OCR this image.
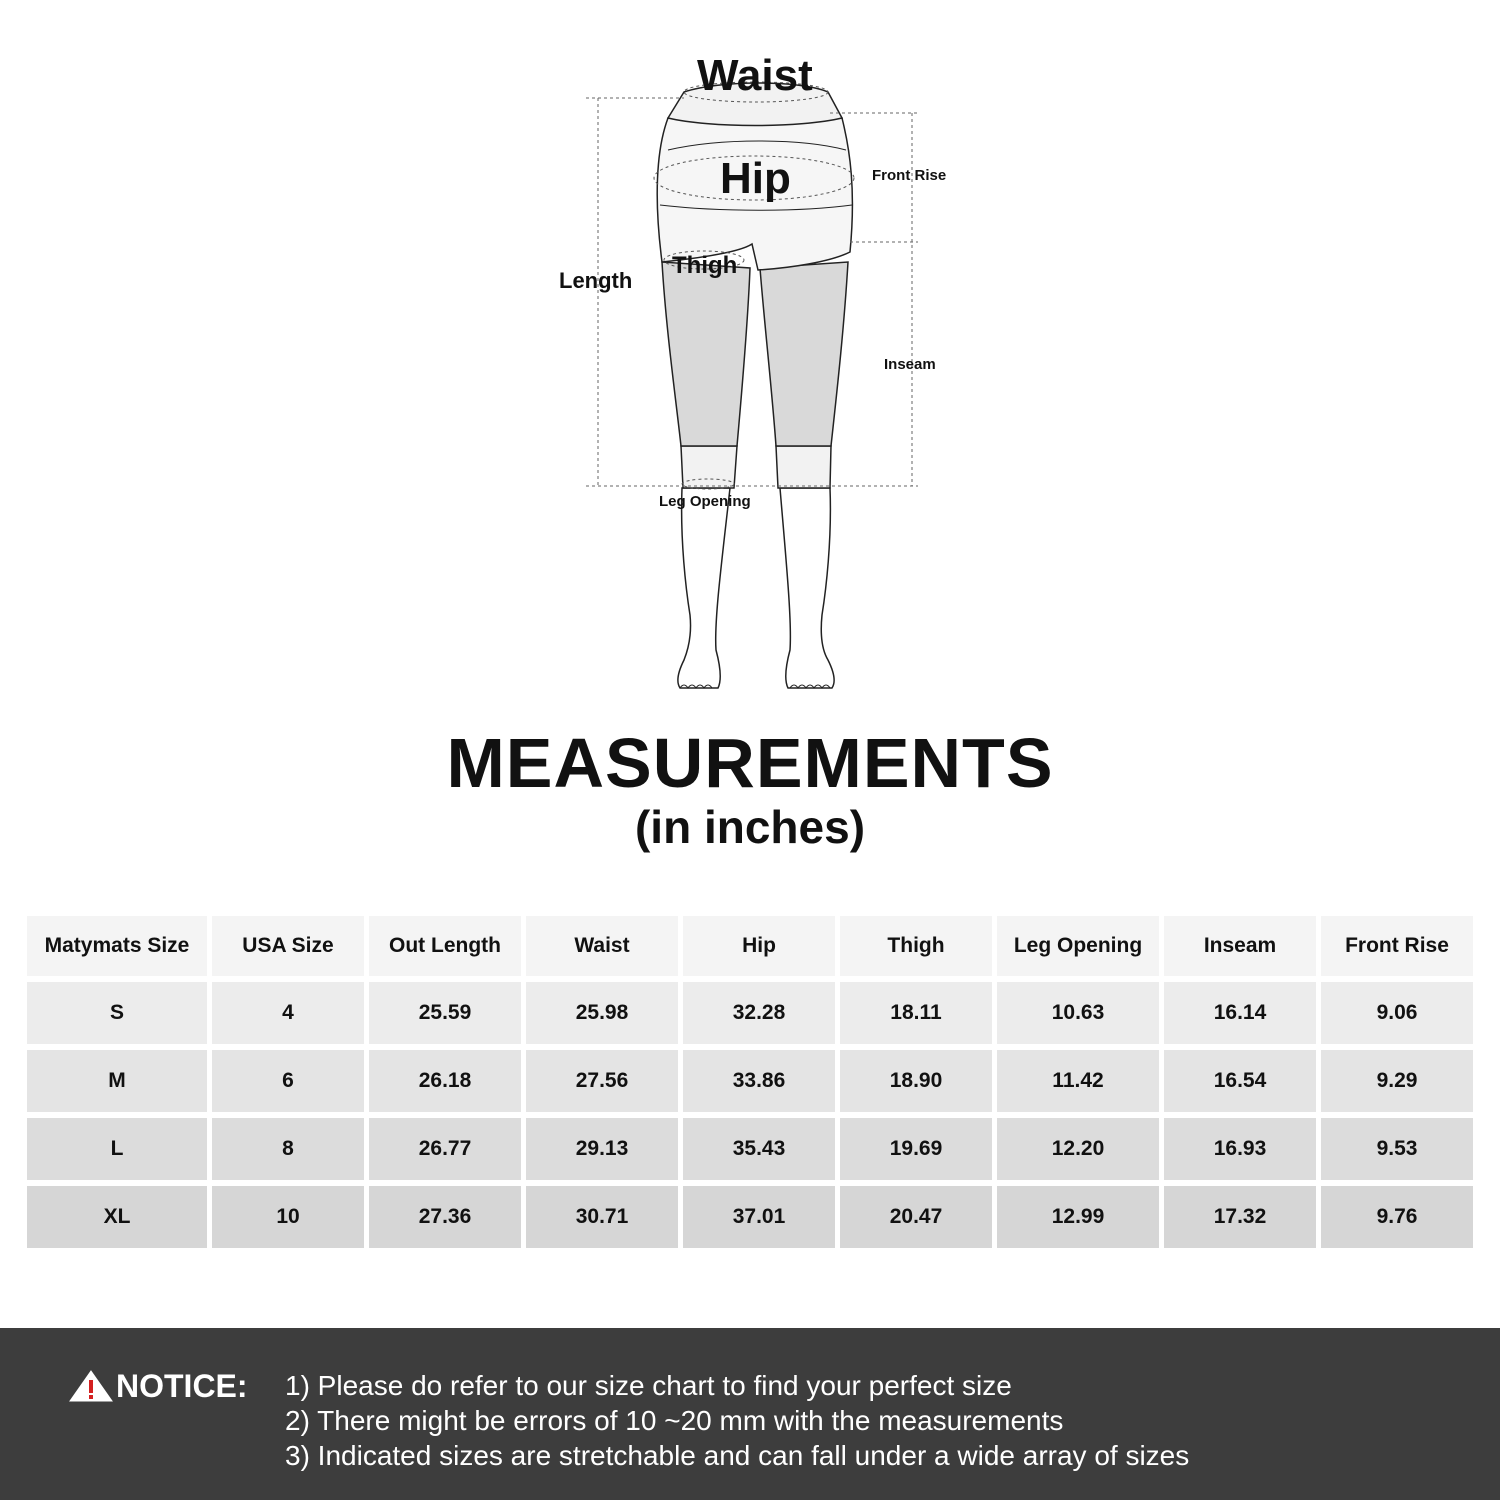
Waist
Hip
Thigh
Length
Front Rise
Inseam
Leg Opening
MEASUREMENTS
(in inches)
Matymats Size	USA Size	Out Length	Waist	Hip	Thigh	Leg Opening	Inseam	Front Rise
S	4	25.59	25.98	32.28	18.11	10.63	16.14	9.06
M	6	26.18	27.56	33.86	18.90	11.42	16.54	9.29
L	8	26.77	29.13	35.43	19.69	12.20	16.93	9.53
XL	10	27.36	30.71	37.01	20.47	12.99	17.32	9.76
NOTICE: 1) Please do refer to our size chart to find your perfect size
2) There might be errors of 10 ~20 mm with the measurements
3) Indicated sizes are stretchable and can fall under a wide array of sizes
